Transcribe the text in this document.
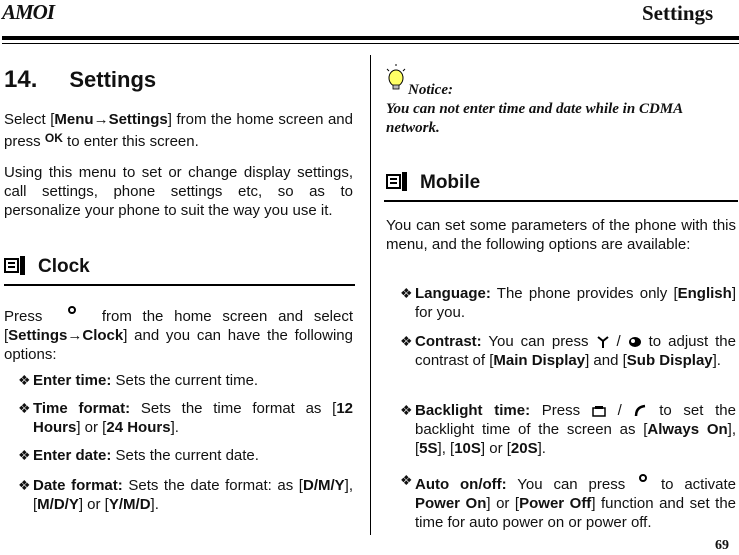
AMOI	Settings
14. Settings
Select [Menu→Settings] from the home screen and press OK to enter this screen.
Using this menu to set or change display settings, call settings, phone settings etc, so as to personalize your phone to suit the way you use it.
Clock
Press	from the home screen and select [Settings→Clock] and you can have the following options:
❖ Enter time: Sets the current time.
❖ Time format: Sets the time format as [12 Hours] or [24 Hours].
❖ Enter date: Sets the current date.
❖ Date format: Sets the date format: as [D/M/Y], [M/D/Y] or [Y/M/D].
Notice:
You can not enter time and date while in CDMA network.
Mobile
You can set some parameters of the phone with this menu, and the following options are available:
❖ Language: The phone provides only [English] for you.
❖ Contrast: You can press / to adjust the contrast of [Main Display] and [Sub Display].
❖ Backlight time: Press / to set the backlight time of the screen as [Always On], [5S], [10S] or [20S].
❖ Auto on/off: You can press to activate Power On] or [Power Off] function and set the time for auto power on or power off.
69
